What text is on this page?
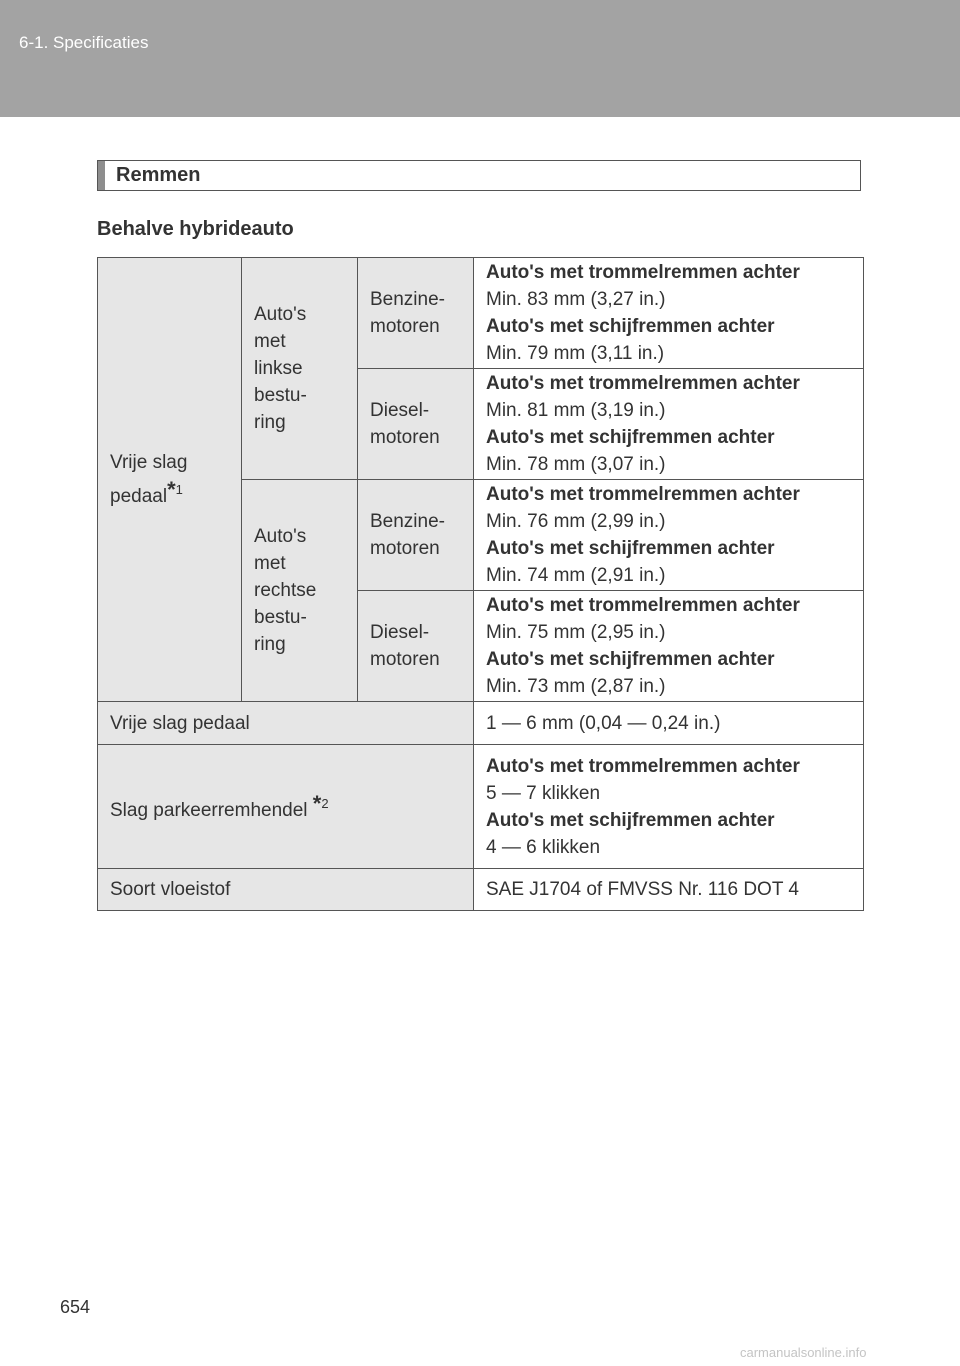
6-1. Specificaties
Remmen
Behalve hybrideauto
Vrije slag
pedaal*$^1$	Auto's
met
linkse
bestu-
ring	Benzine-
motoren	Auto's met trommelremmen achter
Min. 83 mm (3,27 in.)
Auto's met schijfremmen achter
Min. 79 mm (3,11 in.)

		Diesel-
motoren	Auto's met trommelremmen achter
Min. 81 mm (3,19 in.)
Auto's met schijfremmen achter
Min. 78 mm (3,07 in.)

	Auto's
met
rechtse
bestu-
ring	Benzine-
motoren	Auto's met trommelremmen achter
Min. 76 mm (2,99 in.)
Auto's met schijfremmen achter
Min. 74 mm (2,91 in.)

		Diesel-
motoren	Auto's met trommelremmen achter
Min. 75 mm (2,95 in.)
Auto's met schijfremmen achter
Min. 73 mm (2,87 in.)

Vrije slag pedaal			1 — 6 mm (0,04 — 0,24 in.)

Slag parkeerremhendel *$^2$			Auto's met trommelremmen achter
5 — 7 klikken
Auto's met schijfremmen achter
4 — 6 klikken

Soort vloeistof			SAE J1704 of FMVSS Nr. 116 DOT 4
654
carmanualsonline.info
